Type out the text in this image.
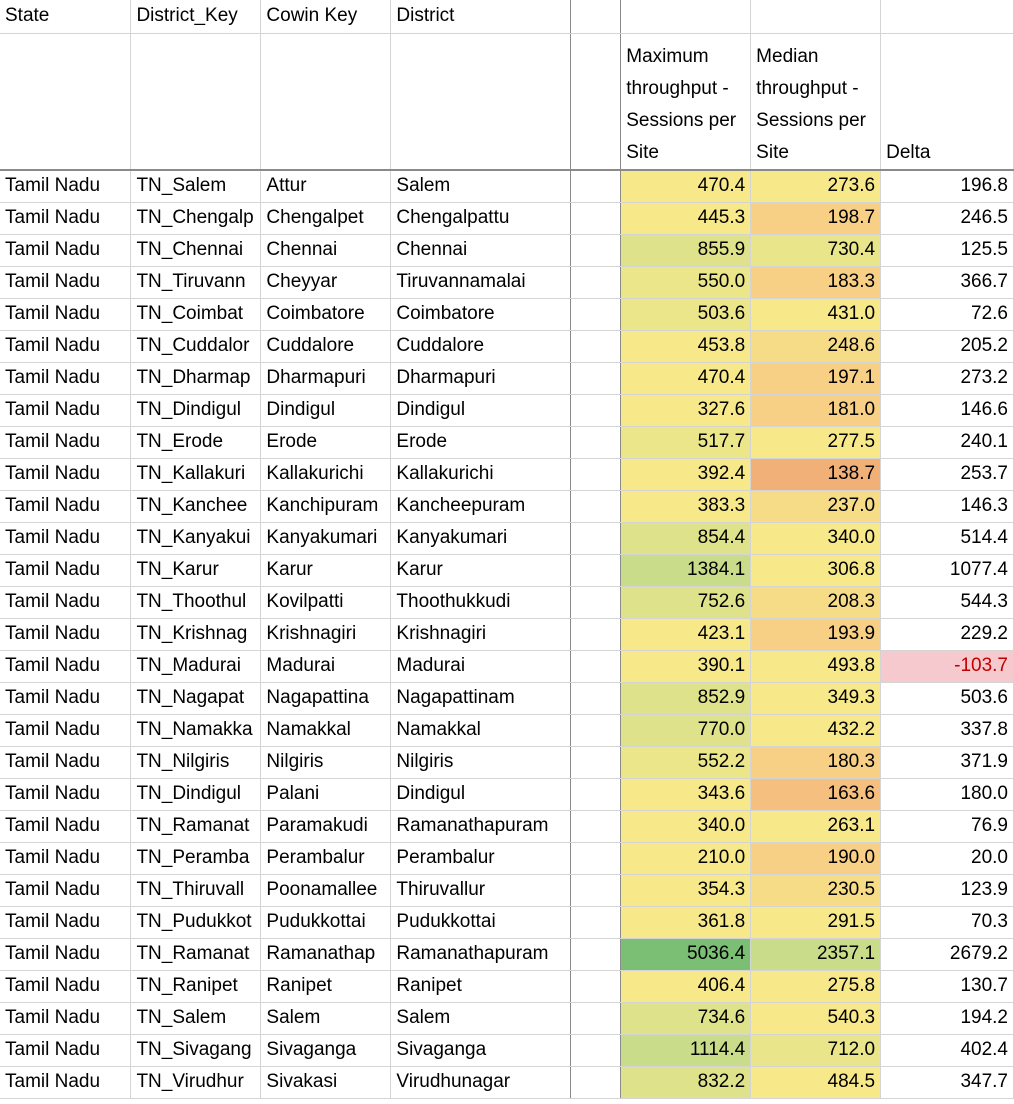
State	District_Key	Cowin Key	District				
					Maximum throughput - Sessions per Site	Median throughput - Sessions per Site	Delta
Tamil Nadu	TN_Salem	Attur	Salem		470.4	273.6	196.8
Tamil Nadu	TN_Chengalp	Chengalpet	Chengalpattu		445.3	198.7	246.5
Tamil Nadu	TN_Chennai	Chennai	Chennai		855.9	730.4	125.5
Tamil Nadu	TN_Tiruvann	Cheyyar	Tiruvannamalai		550.0	183.3	366.7
Tamil Nadu	TN_Coimbat	Coimbatore	Coimbatore		503.6	431.0	72.6
Tamil Nadu	TN_Cuddalor	Cuddalore	Cuddalore		453.8	248.6	205.2
Tamil Nadu	TN_Dharmap	Dharmapuri	Dharmapuri		470.4	197.1	273.2
Tamil Nadu	TN_Dindigul	Dindigul	Dindigul		327.6	181.0	146.6
Tamil Nadu	TN_Erode	Erode	Erode		517.7	277.5	240.1
Tamil Nadu	TN_Kallakuri	Kallakurichi	Kallakurichi		392.4	138.7	253.7
Tamil Nadu	TN_Kanchee	Kanchipuram	Kancheepuram		383.3	237.0	146.3
Tamil Nadu	TN_Kanyakui	Kanyakumari	Kanyakumari		854.4	340.0	514.4
Tamil Nadu	TN_Karur	Karur	Karur		1384.1	306.8	1077.4
Tamil Nadu	TN_Thoothul	Kovilpatti	Thoothukkudi		752.6	208.3	544.3
Tamil Nadu	TN_Krishnag	Krishnagiri	Krishnagiri		423.1	193.9	229.2
Tamil Nadu	TN_Madurai	Madurai	Madurai		390.1	493.8	-103.7
Tamil Nadu	TN_Nagapat	Nagapattina	Nagapattinam		852.9	349.3	503.6
Tamil Nadu	TN_Namakka	Namakkal	Namakkal		770.0	432.2	337.8
Tamil Nadu	TN_Nilgiris	Nilgiris	Nilgiris		552.2	180.3	371.9
Tamil Nadu	TN_Dindigul	Palani	Dindigul		343.6	163.6	180.0
Tamil Nadu	TN_Ramanat	Paramakudi	Ramanathapuram		340.0	263.1	76.9
Tamil Nadu	TN_Peramba	Perambalur	Perambalur		210.0	190.0	20.0
Tamil Nadu	TN_Thiruvall	Poonamallee	Thiruvallur		354.3	230.5	123.9
Tamil Nadu	TN_Pudukkot	Pudukkottai	Pudukkottai		361.8	291.5	70.3
Tamil Nadu	TN_Ramanat	Ramanathap	Ramanathapuram		5036.4	2357.1	2679.2
Tamil Nadu	TN_Ranipet	Ranipet	Ranipet		406.4	275.8	130.7
Tamil Nadu	TN_Salem	Salem	Salem		734.6	540.3	194.2
Tamil Nadu	TN_Sivagang	Sivaganga	Sivaganga		1114.4	712.0	402.4
Tamil Nadu	TN_Virudhur	Sivakasi	Virudhunagar		832.2	484.5	347.7
